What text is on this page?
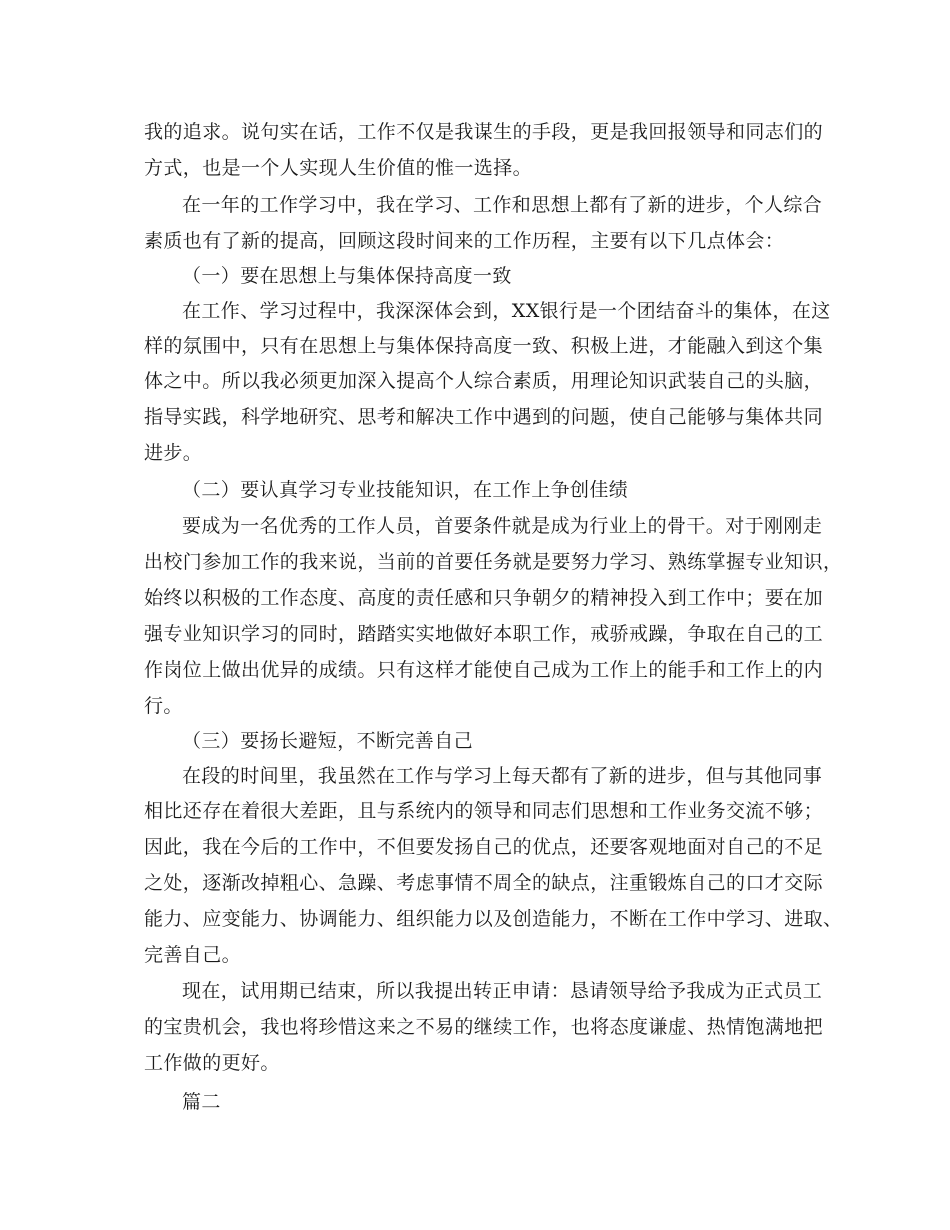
我的追求。说句实在话，工作不仅是我谋生的手段，更是我回报领导和同志们的
方式，也是一个人实现人生价值的惟一选择。
在一年的工作学习中，我在学习、工作和思想上都有了新的进步，个人综合
素质也有了新的提高，回顾这段时间来的工作历程，主要有以下几点体会：
（一）要在思想上与集体保持高度一致
在工作、学习过程中，我深深体会到，XX银行是一个团结奋斗的集体，在这
样的氛围中，只有在思想上与集体保持高度一致、积极上进，才能融入到这个集
体之中。所以我必须更加深入提高个人综合素质，用理论知识武装自己的头脑，
指导实践，科学地研究、思考和解决工作中遇到的问题，使自己能够与集体共同
进步。
（二）要认真学习专业技能知识，在工作上争创佳绩
要成为一名优秀的工作人员，首要条件就是成为行业上的骨干。对于刚刚走
出校门参加工作的我来说，当前的首要任务就是要努力学习、熟练掌握专业知识，
始终以积极的工作态度、高度的责任感和只争朝夕的精神投入到工作中；要在加
强专业知识学习的同时，踏踏实实地做好本职工作，戒骄戒躁，争取在自己的工
作岗位上做出优异的成绩。只有这样才能使自己成为工作上的能手和工作上的内
行。
（三）要扬长避短，不断完善自己
在段的时间里，我虽然在工作与学习上每天都有了新的进步，但与其他同事
相比还存在着很大差距，且与系统内的领导和同志们思想和工作业务交流不够；
因此，我在今后的工作中，不但要发扬自己的优点，还要客观地面对自己的不足
之处，逐渐改掉粗心、急躁、考虑事情不周全的缺点，注重锻炼自己的口才交际
能力、应变能力、协调能力、组织能力以及创造能力，不断在工作中学习、进取、
完善自己。
现在，试用期已结束，所以我提出转正申请：恳请领导给予我成为正式员工
的宝贵机会，我也将珍惜这来之不易的继续工作，也将态度谦虚、热情饱满地把
工作做的更好。
篇二
